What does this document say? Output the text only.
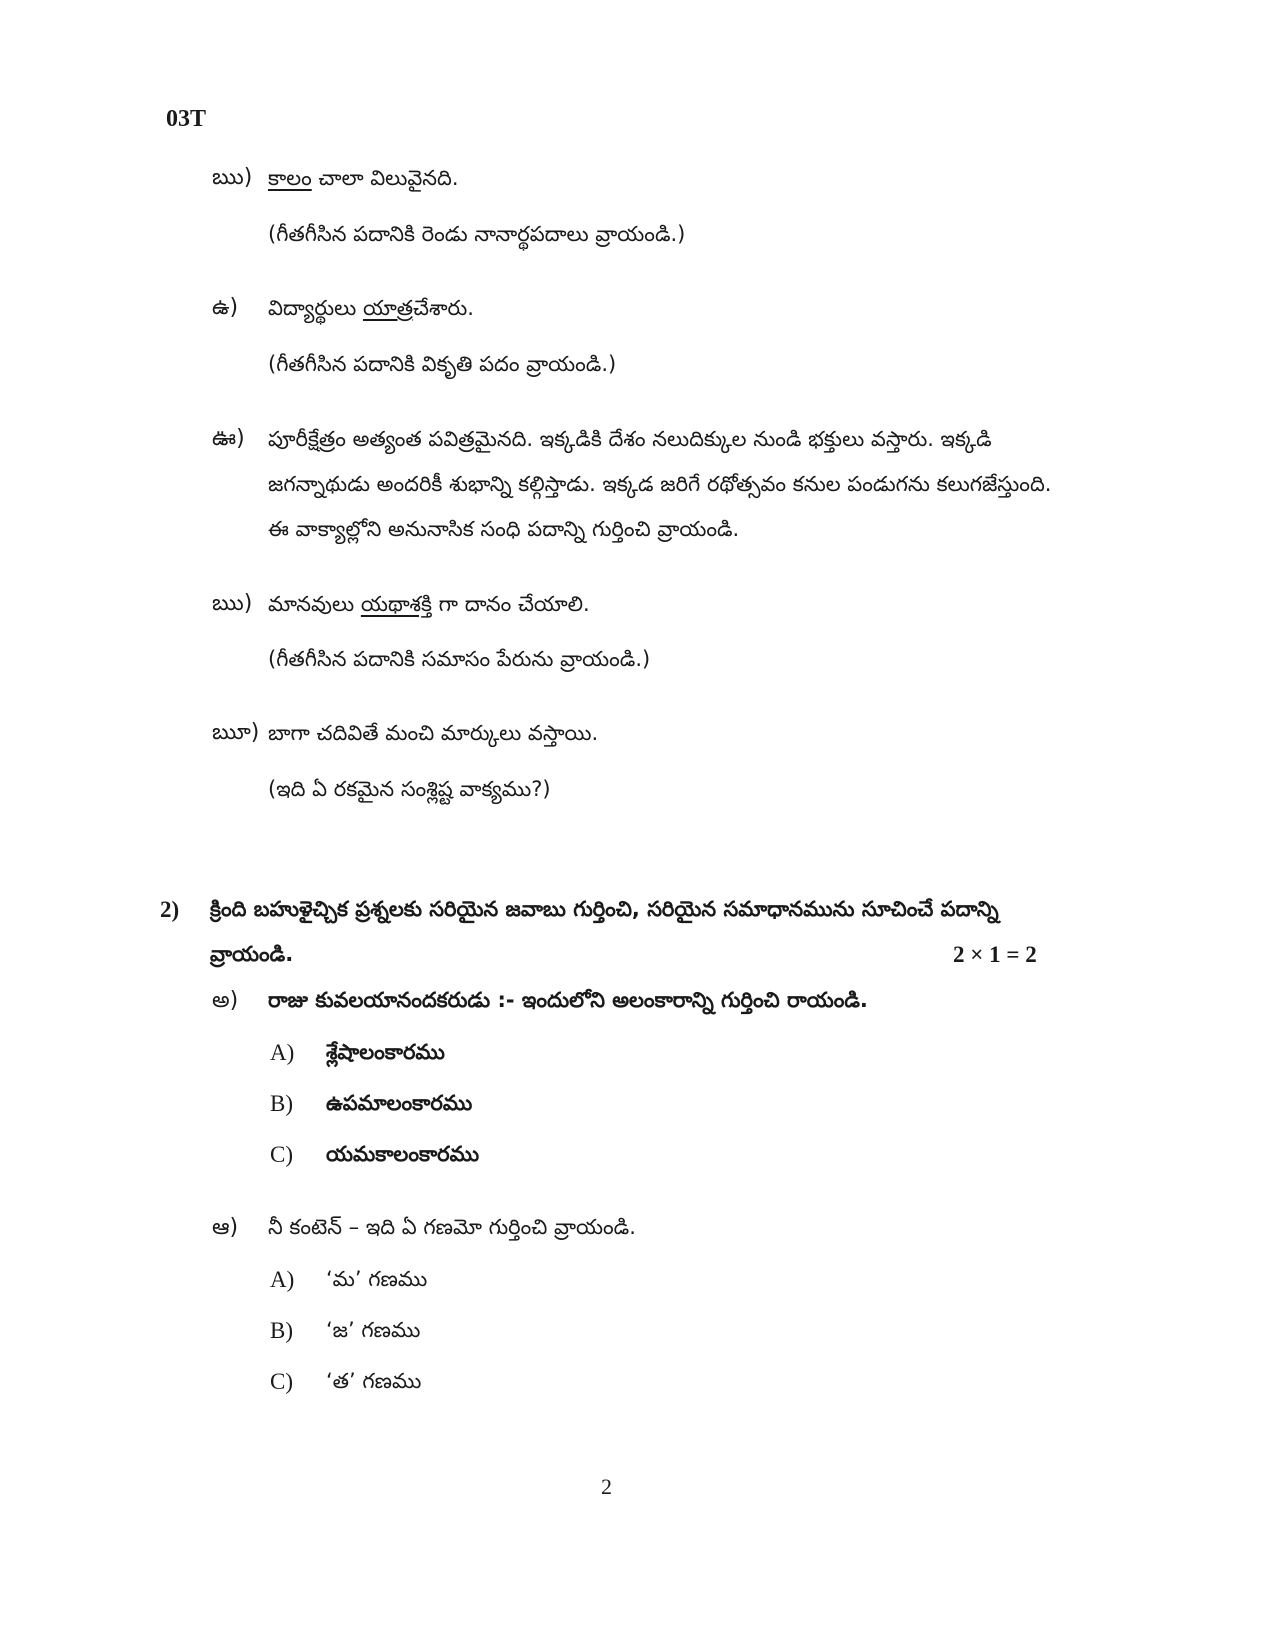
03T
ఋ) కాలం చాలా విలువైనది.
(గీతగీసిన పదానికి రెండు నానార్థపదాలు వ్రాయండి.)
ఉ) విద్యార్థులు యాత్రచేశారు.
(గీతగీసిన పదానికి వికృతి పదం వ్రాయండి.)
ఊ) పూరీక్షేత్రం అత్యంత పవిత్రమైనది. ఇక్కడికి దేశం నలుదిక్కుల నుండి భక్తులు వస్తారు. ఇక్కడి
జగన్నాథుడు అందరికీ శుభాన్ని కల్గిస్తాడు. ఇక్కడ జరిగే రథోత్సవం కనుల పండుగను కలుగజేస్తుంది.
ఈ వాక్యాల్లోని అనునాసిక సంధి పదాన్ని గుర్తించి వ్రాయండి.
ఋ) మానవులు యథాశక్తి గా దానం చేయాలి.
(గీతగీసిన పదానికి సమాసం పేరును వ్రాయండి.)
ౠ) బాగా చదివితే మంచి మార్కులు వస్తాయి.
(ఇది ఏ రకమైన సంశ్లిష్ట వాక్యము?)
2) క్రింది బహుళైచ్చిక ప్రశ్నలకు సరియైన జవాబు గుర్తించి, సరియైన సమాధానమును సూచించే పదాన్ని
వ్రాయండి.	2 × 1 = 2
అ) రాజు కువలయానందకరుడు :- ఇందులోని అలంకారాన్ని గుర్తించి రాయండి.
A) శ్లేషాలంకారము
B) ఉపమాలంకారము
C) యమకాలంకారము
ఆ) నీ కంటెన్ – ఇది ఏ గణమో గుర్తించి వ్రాయండి.
A) ‘మ’ గణము
B) ‘జ’ గణము
C) ‘త’ గణము
2
